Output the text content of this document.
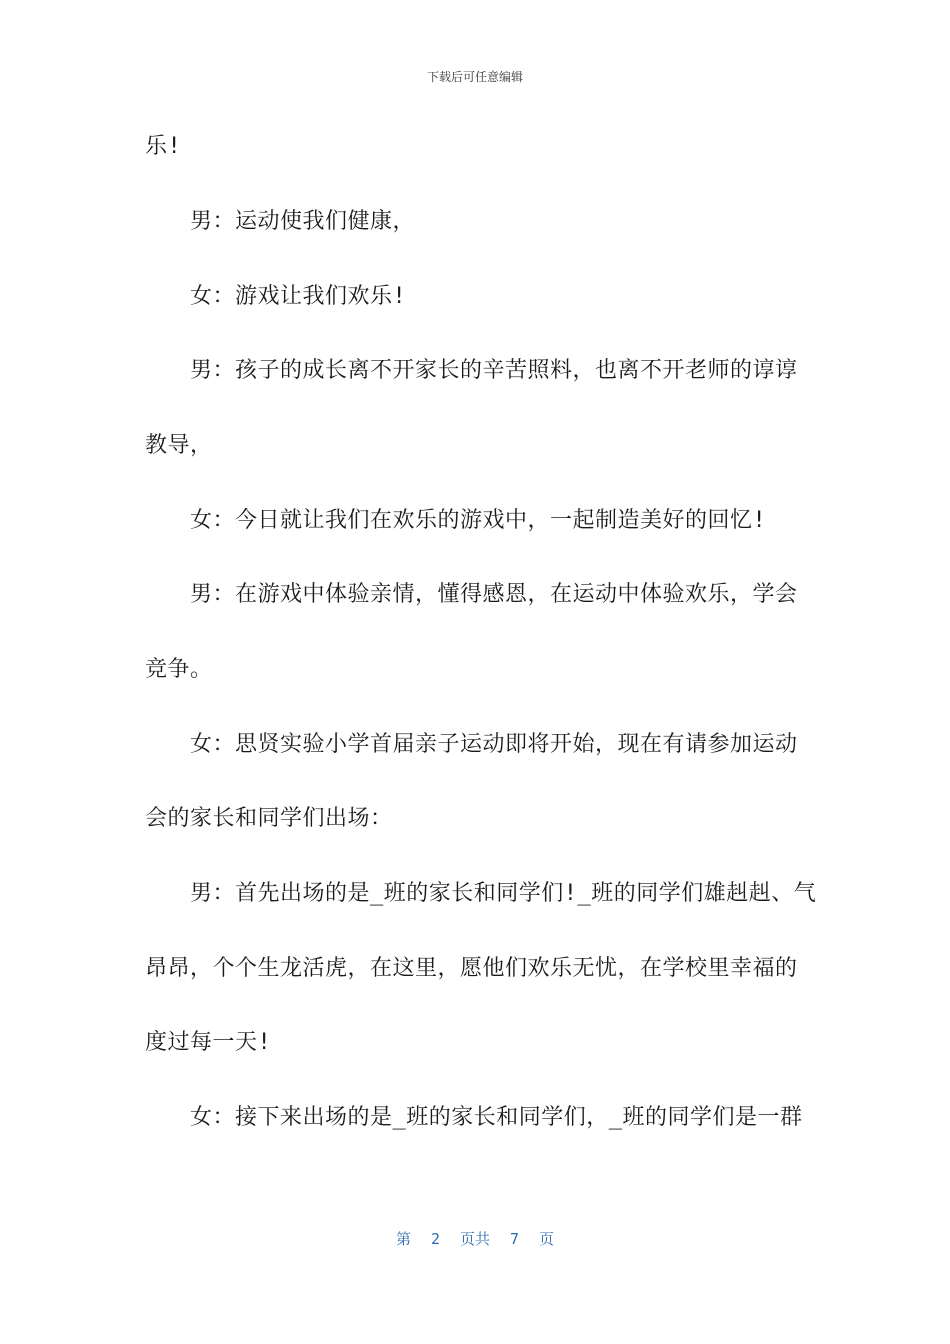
下载后可任意编辑
乐!
男：运动使我们健康，
女：游戏让我们欢乐!
男：孩子的成长离不开家长的辛苦照料，也离不开老师的谆谆
教导，
女：今日就让我们在欢乐的游戏中，一起制造美好的回忆!
男：在游戏中体验亲情，懂得感恩，在运动中体验欢乐，学会
竞争。
女：思贤实验小学首届亲子运动即将开始，现在有请参加运动
会的家长和同学们出场：
男：首先出场的是_班的家长和同学们!_班的同学们雄赳赳、气
昂昂，个个生龙活虎，在这里，愿他们欢乐无忧，在学校里幸福的
度过每一天!
女：接下来出场的是_班的家长和同学们，_班的同学们是一群
第 2 页共 7 页
